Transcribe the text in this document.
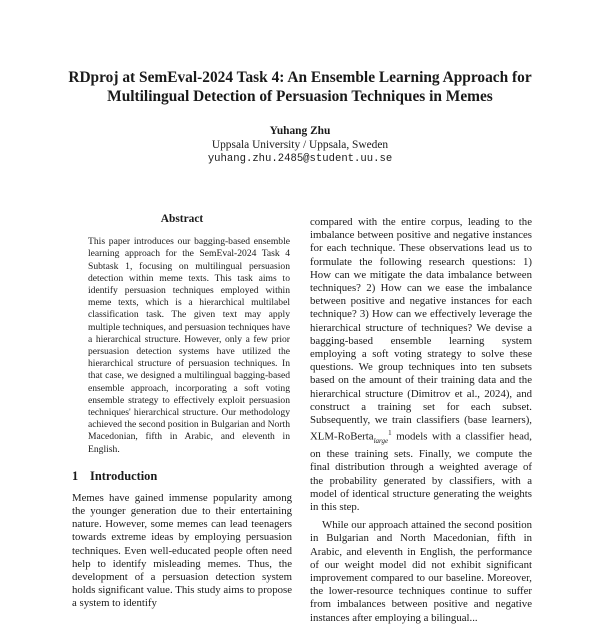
RDproj at SemEval-2024 Task 4: An Ensemble Learning Approach for
Multilingual Detection of Persuasion Techniques in Memes
Yuhang Zhu
Uppsala University / Uppsala, Sweden
yuhang.zhu.2485@student.uu.se
Abstract

This paper introduces our bagging-based ensemble learning approach for the SemEval-2024 Task 4 Subtask 1, focusing on multilingual persuasion detection within meme texts. This task aims to identify persuasion techniques employed within meme texts, which is a hierarchical multilabel classification task. The given text may apply multiple techniques, and persuasion techniques have a hierarchical structure. However, only a few prior persuasion detection systems have utilized the hierarchical structure of persuasion techniques. In that case, we designed a multilingual bagging-based ensemble approach, incorporating a soft voting ensemble strategy to effectively exploit persuasion techniques' hierarchical structure. Our methodology achieved the second position in Bulgarian and North Macedonian, fifth in Arabic, and eleventh in English.

1 Introduction

Memes have gained immense popularity among the younger generation due to their entertaining nature. However, some memes can lead teenagers towards extreme ideas by employing persuasion techniques. Even well-educated people often need help to identify misleading memes. Thus, the development of a persuasion detection system holds significant value. This study aims to propose a system to identify

compared with the entire corpus, leading to the imbalance between positive and negative instances for each technique. These observations lead us to formulate the following research questions: 1) How can we mitigate the data imbalance between techniques? 2) How can we ease the imbalance between positive and negative instances for each technique? 3) How can we effectively leverage the hierarchical structure of techniques? We devise a bagging-based ensemble learning system employing a soft voting strategy to solve these questions. We group techniques into ten subsets based on the amount of their training data and the hierarchical structure (Dimitrov et al., 2024), and construct a training set for each subset. Subsequently, we train classifiers (base learners), XLM-RoBerta$_{large}^1$ models with a classifier head, on these training sets. Finally, we compute the final distribution through a weighted average of the probability generated by classifiers, with a model of identical structure generating the weights in this step.

While our approach attained the second position in Bulgarian and North Macedonian, fifth in Arabic, and eleventh in English, the performance of our weight model did not exhibit significant improvement compared to our baseline. Moreover, the lower-resource techniques continue to suffer from imbalances between positive and negative instances after employing a bilingual...
